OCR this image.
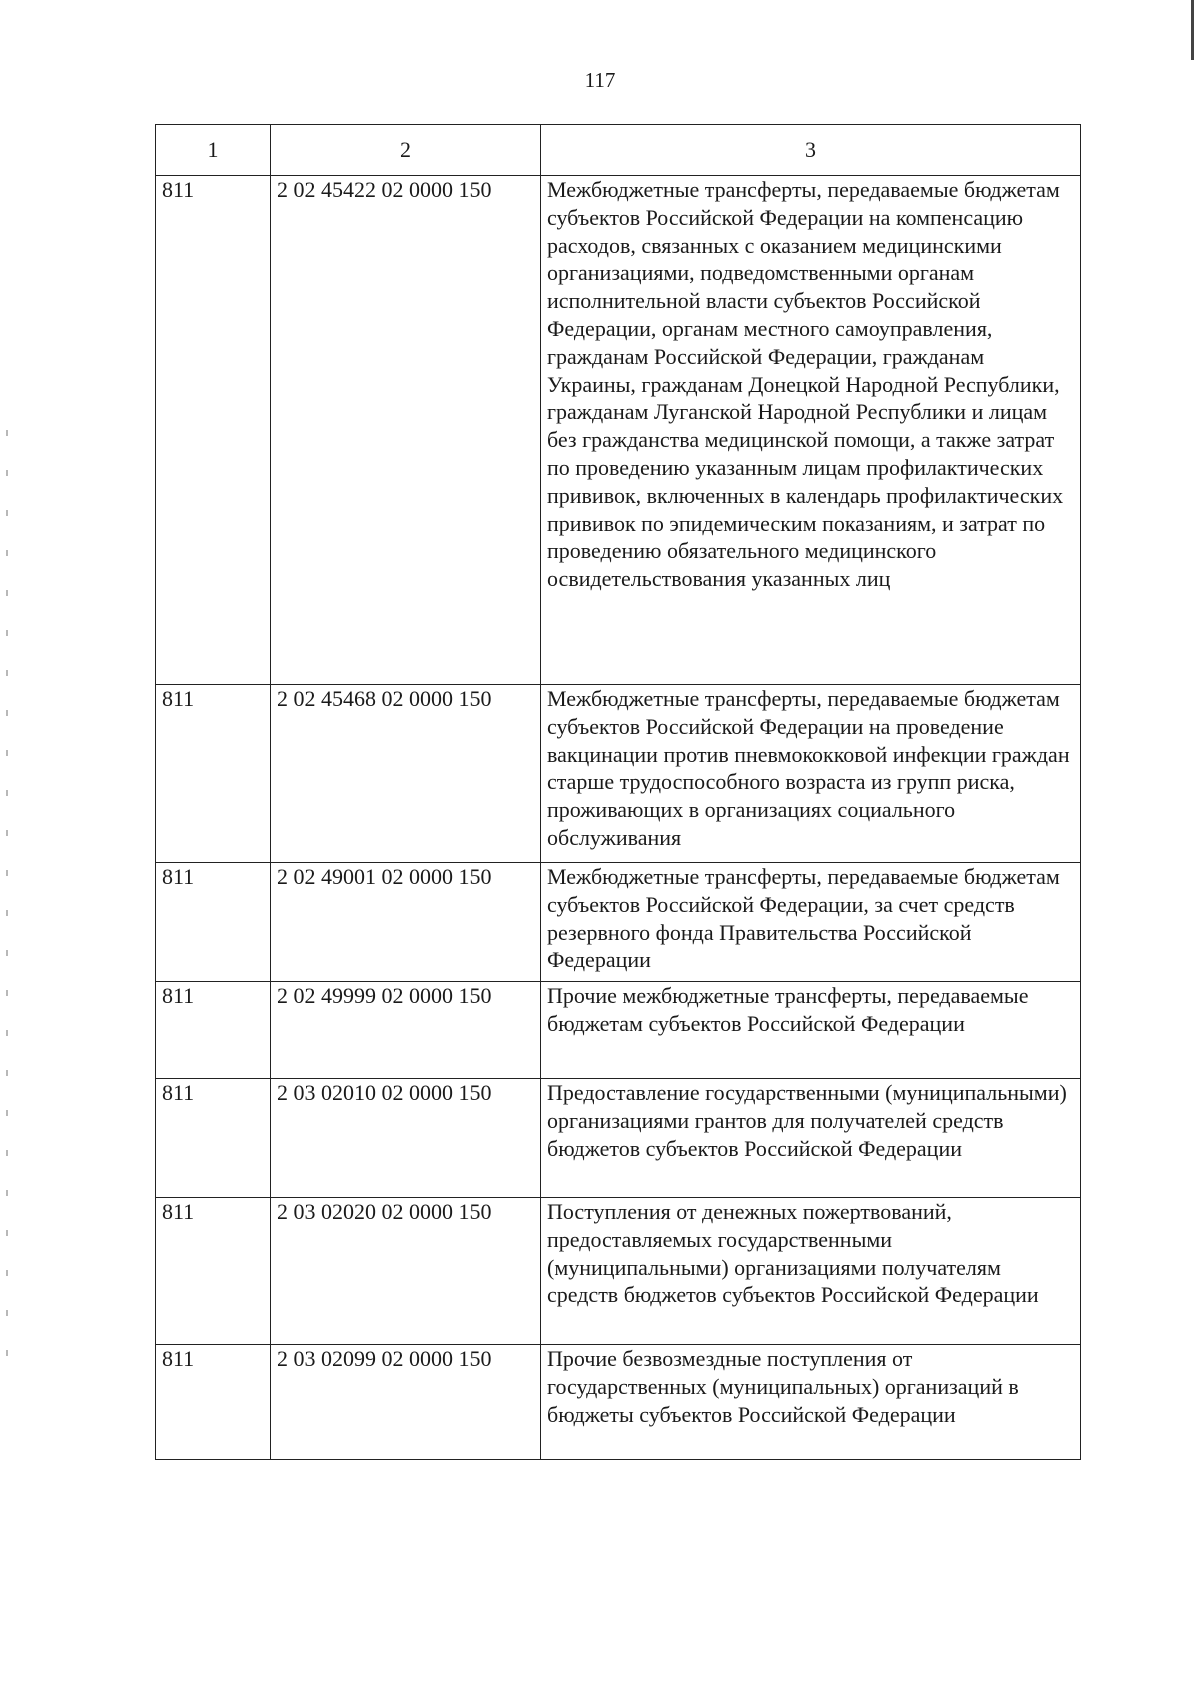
117
1	2	3
811	2 02 45422 02 0000 150	Межбюджетные трансферты, передаваемые бюджетам субъектов Российской Федерации на компенсацию расходов, связанных с оказанием медицинскими организациями, подведомственными органам исполнительной власти субъектов Российской Федерации, органам местного самоуправления, гражданам Российской Федерации, гражданам Украины, гражданам Донецкой Народной Республики, гражданам Луганской Народной Республики и лицам без гражданства медицинской помощи, а также затрат по проведению указанным лицам профилактических прививок, включенных в календарь профилактических прививок по эпидемическим показаниям, и затрат по проведению обязательного медицинского освидетельствования указанных лиц
811	2 02 45468 02 0000 150	Межбюджетные трансферты, передаваемые бюджетам субъектов Российской Федерации на проведение вакцинации против пневмококковой инфекции граждан старше трудоспособного возраста из групп риска, проживающих в организациях социального обслуживания
811	2 02 49001 02 0000 150	Межбюджетные трансферты, передаваемые бюджетам субъектов Российской Федерации, за счет средств резервного фонда Правительства Российской Федерации
811	2 02 49999 02 0000 150	Прочие межбюджетные трансферты, передаваемые бюджетам субъектов Российской Федерации
811	2 03 02010 02 0000 150	Предоставление государственными (муниципальными) организациями грантов для получателей средств бюджетов субъектов Российской Федерации
811	2 03 02020 02 0000 150	Поступления от денежных пожертвований, предоставляемых государственными (муниципальными) организациями получателям средств бюджетов субъектов Российской Федерации
811	2 03 02099 02 0000 150	Прочие безвозмездные поступления от государственных (муниципальных) организаций в бюджеты субъектов Российской Федерации
